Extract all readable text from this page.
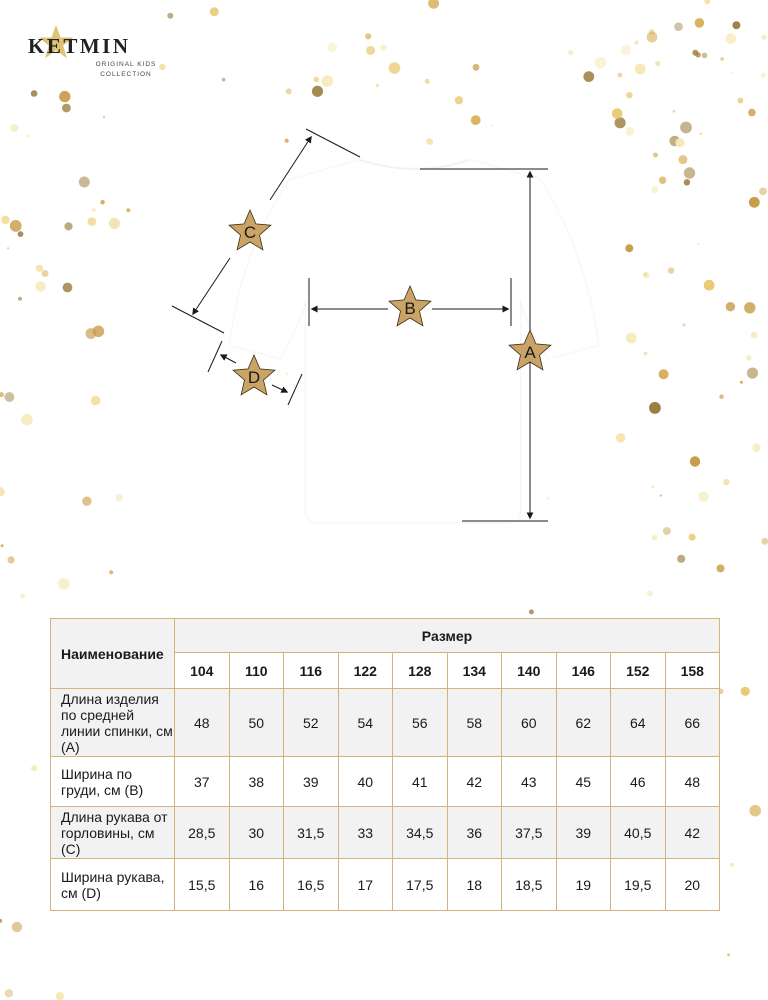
KETMIN
ORIGINAL KIDS
COLLECTION
A
B
C
D
Наименование	Размер									
	104	110	116	122	128	134	140	146	152	158
Длина изделия по средней линии спинки, см (А)	48	50	52	54	56	58	60	62	64	66
Ширина по груди, см (В)	37	38	39	40	41	42	43	45	46	48
Длина рукава от горловины, см (С)	28,5	30	31,5	33	34,5	36	37,5	39	40,5	42
Ширина рукава, см (D)	15,5	16	16,5	17	17,5	18	18,5	19	19,5	20
